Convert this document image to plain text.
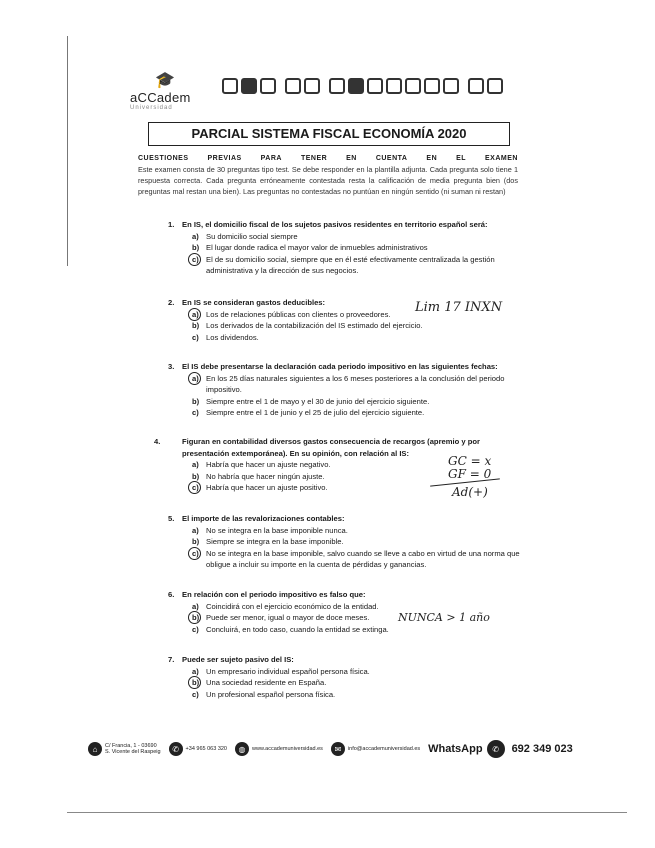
🎓
aCCadem
Universidad
PARCIAL SISTEMA FISCAL ECONOMÍA 2020
CUESTIONES	PREVIAS	PARA	TENER	EN	CUENTA	EN	EL	EXAMEN
Este examen consta de 30 preguntas tipo test. Se debe responder en la plantilla adjunta. Cada pregunta solo tiene 1 respuesta correcta. Cada pregunta erróneamente contestada resta la calificación de media pregunta bien (dos preguntas mal restan una bien). Las preguntas no contestadas no puntúan en ningún sentido (ni suman ni restan)
1. En IS, el domicilio fiscal de los sujetos pasivos residentes en territorio español será:
a) Su domicilio social siempre
b) El lugar donde radica el mayor valor de inmuebles administrativos
c) El de su domicilio social, siempre que en él esté efectivamente centralizada la gestión administrativa y la dirección de sus negocios.
2. En IS se consideran gastos deducibles:
a) Los de relaciones públicas con clientes o proveedores.
b) Los derivados de la contabilización del IS estimado del ejercicio.
c) Los dividendos.
Lim 17 INXN
3. El IS debe presentarse la declaración cada periodo impositivo en las siguientes fechas:
a) En los 25 días naturales siguientes a los 6 meses posteriores a la conclusión del periodo impositivo.
b) Siempre entre el 1 de mayo y el 30 de junio del ejercicio siguiente.
c) Siempre entre el 1 de junio y el 25 de julio del ejercicio siguiente.
4.	Figuran en contabilidad diversos gastos consecuencia de recargos (apremio y por presentación extemporánea). En su opinión, con relación al IS:
a) Habría que hacer un ajuste negativo.
b) No habría que hacer ningún ajuste.
c) Habría que hacer un ajuste positivo.
GC = x
GF = 0
Ad(+)
5. El importe de las revalorizaciones contables:
a) No se integra en la base imponible nunca.
b) Siempre se integra en la base imponible.
c) No se integra en la base imponible, salvo cuando se lleve a cabo en virtud de una norma que obligue a incluir su importe en la cuenta de pérdidas y ganancias.
6. En relación con el periodo impositivo es falso que:
a) Coincidirá con el ejercicio económico de la entidad.
b) Puede ser menor, igual o mayor de doce meses.
c) Concluirá, en todo caso, cuando la entidad se extinga.
NUNCA > 1 año
7. Puede ser sujeto pasivo del IS:
a) Un empresario individual español persona física.
b) Una sociedad residente en España.
c) Un profesional español persona física.
⌂	C/ Francia, 1 - 03690
S. Vicente del Raspeig	✆	+34 965 063 320	◍	www.accademuniversidad.es	✉	info@accademuniversidad.es WhatsApp	✆	692 349 023
